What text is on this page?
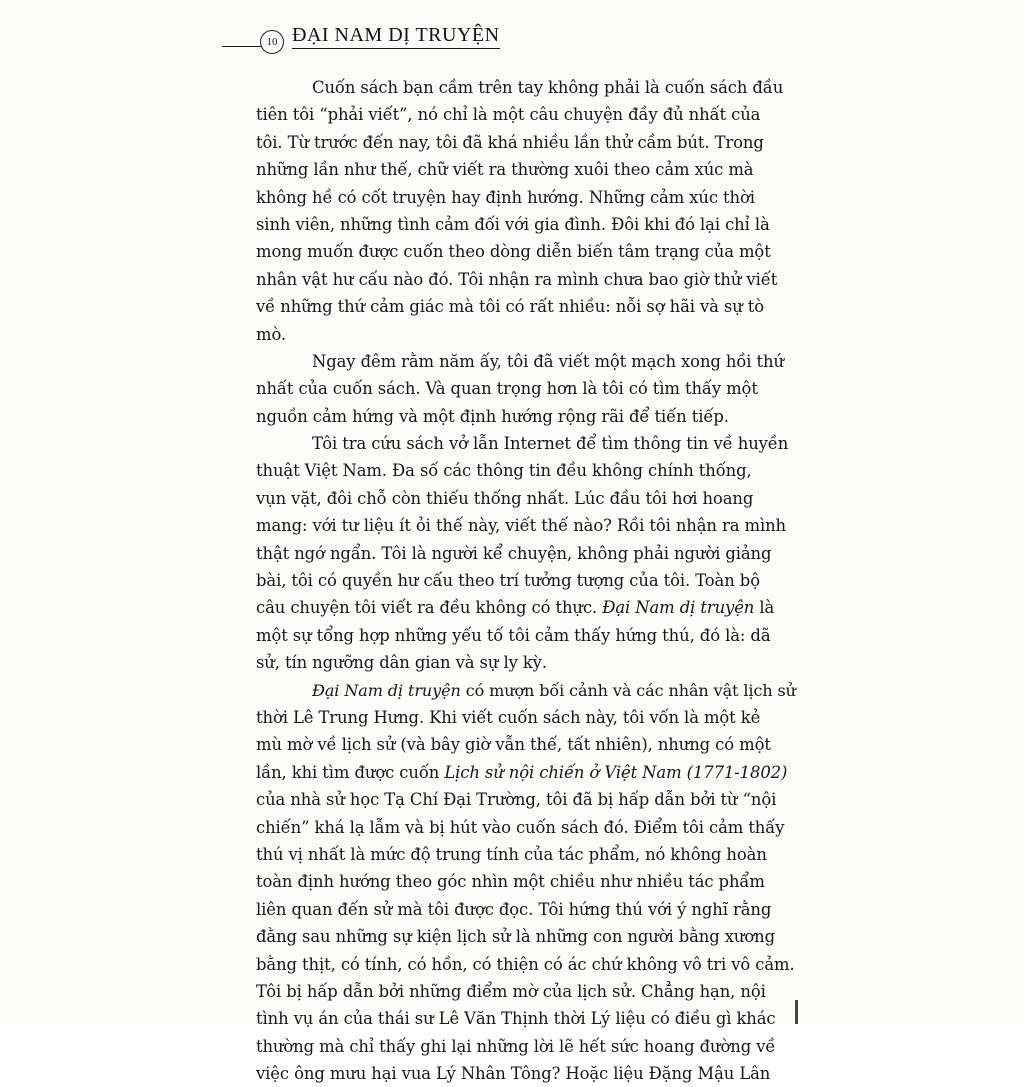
10 ĐẠI NAM DỊ TRUYỆN
Cuốn sách bạn cầm trên tay không phải là cuốn sách đầu
tiên tôi “phải viết”, nó chỉ là một câu chuyện đầy đủ nhất của
tôi. Từ trước đến nay, tôi đã khá nhiều lần thử cầm bút. Trong
những lần như thế, chữ viết ra thường xuôi theo cảm xúc mà
không hề có cốt truyện hay định hướng. Những cảm xúc thời
sinh viên, những tình cảm đối với gia đình. Đôi khi đó lại chỉ là
mong muốn được cuốn theo dòng diễn biến tâm trạng của một
nhân vật hư cấu nào đó. Tôi nhận ra mình chưa bao giờ thử viết
về những thứ cảm giác mà tôi có rất nhiều: nỗi sợ hãi và sự tò
mò.
Ngay đêm rằm năm ấy, tôi đã viết một mạch xong hồi thứ
nhất của cuốn sách. Và quan trọng hơn là tôi có tìm thấy một
nguồn cảm hứng và một định hướng rộng rãi để tiến tiếp.
Tôi tra cứu sách vở lẫn Internet để tìm thông tin về huyền
thuật Việt Nam. Đa số các thông tin đều không chính thống,
vụn vặt, đôi chỗ còn thiếu thống nhất. Lúc đầu tôi hơi hoang
mang: với tư liệu ít ỏi thế này, viết thế nào? Rồi tôi nhận ra mình
thật ngớ ngẩn. Tôi là người kể chuyện, không phải người giảng
bài, tôi có quyền hư cấu theo trí tưởng tượng của tôi. Toàn bộ
câu chuyện tôi viết ra đều không có thực. Đại Nam dị truyện là
một sự tổng hợp những yếu tố tôi cảm thấy hứng thú, đó là: dã
sử, tín ngưỡng dân gian và sự ly kỳ.
Đại Nam dị truyện có mượn bối cảnh và các nhân vật lịch sử
thời Lê Trung Hưng. Khi viết cuốn sách này, tôi vốn là một kẻ
mù mờ về lịch sử (và bây giờ vẫn thế, tất nhiên), nhưng có một
lần, khi tìm được cuốn Lịch sử nội chiến ở Việt Nam (1771-1802)
của nhà sử học Tạ Chí Đại Trường, tôi đã bị hấp dẫn bởi từ “nội
chiến” khá lạ lẫm và bị hút vào cuốn sách đó. Điểm tôi cảm thấy
thú vị nhất là mức độ trung tính của tác phẩm, nó không hoàn
toàn định hướng theo góc nhìn một chiều như nhiều tác phẩm
liên quan đến sử mà tôi được đọc. Tôi hứng thú với ý nghĩ rằng
đằng sau những sự kiện lịch sử là những con người bằng xương
bằng thịt, có tính, có hồn, có thiện có ác chứ không vô tri vô cảm.
Tôi bị hấp dẫn bởi những điểm mờ của lịch sử. Chẳng hạn, nội
tình vụ án của thái sư Lê Văn Thịnh thời Lý liệu có điều gì khác
thường mà chỉ thấy ghi lại những lời lẽ hết sức hoang đường về
việc ông mưu hại vua Lý Nhân Tông? Hoặc liệu Đặng Mậu Lân
